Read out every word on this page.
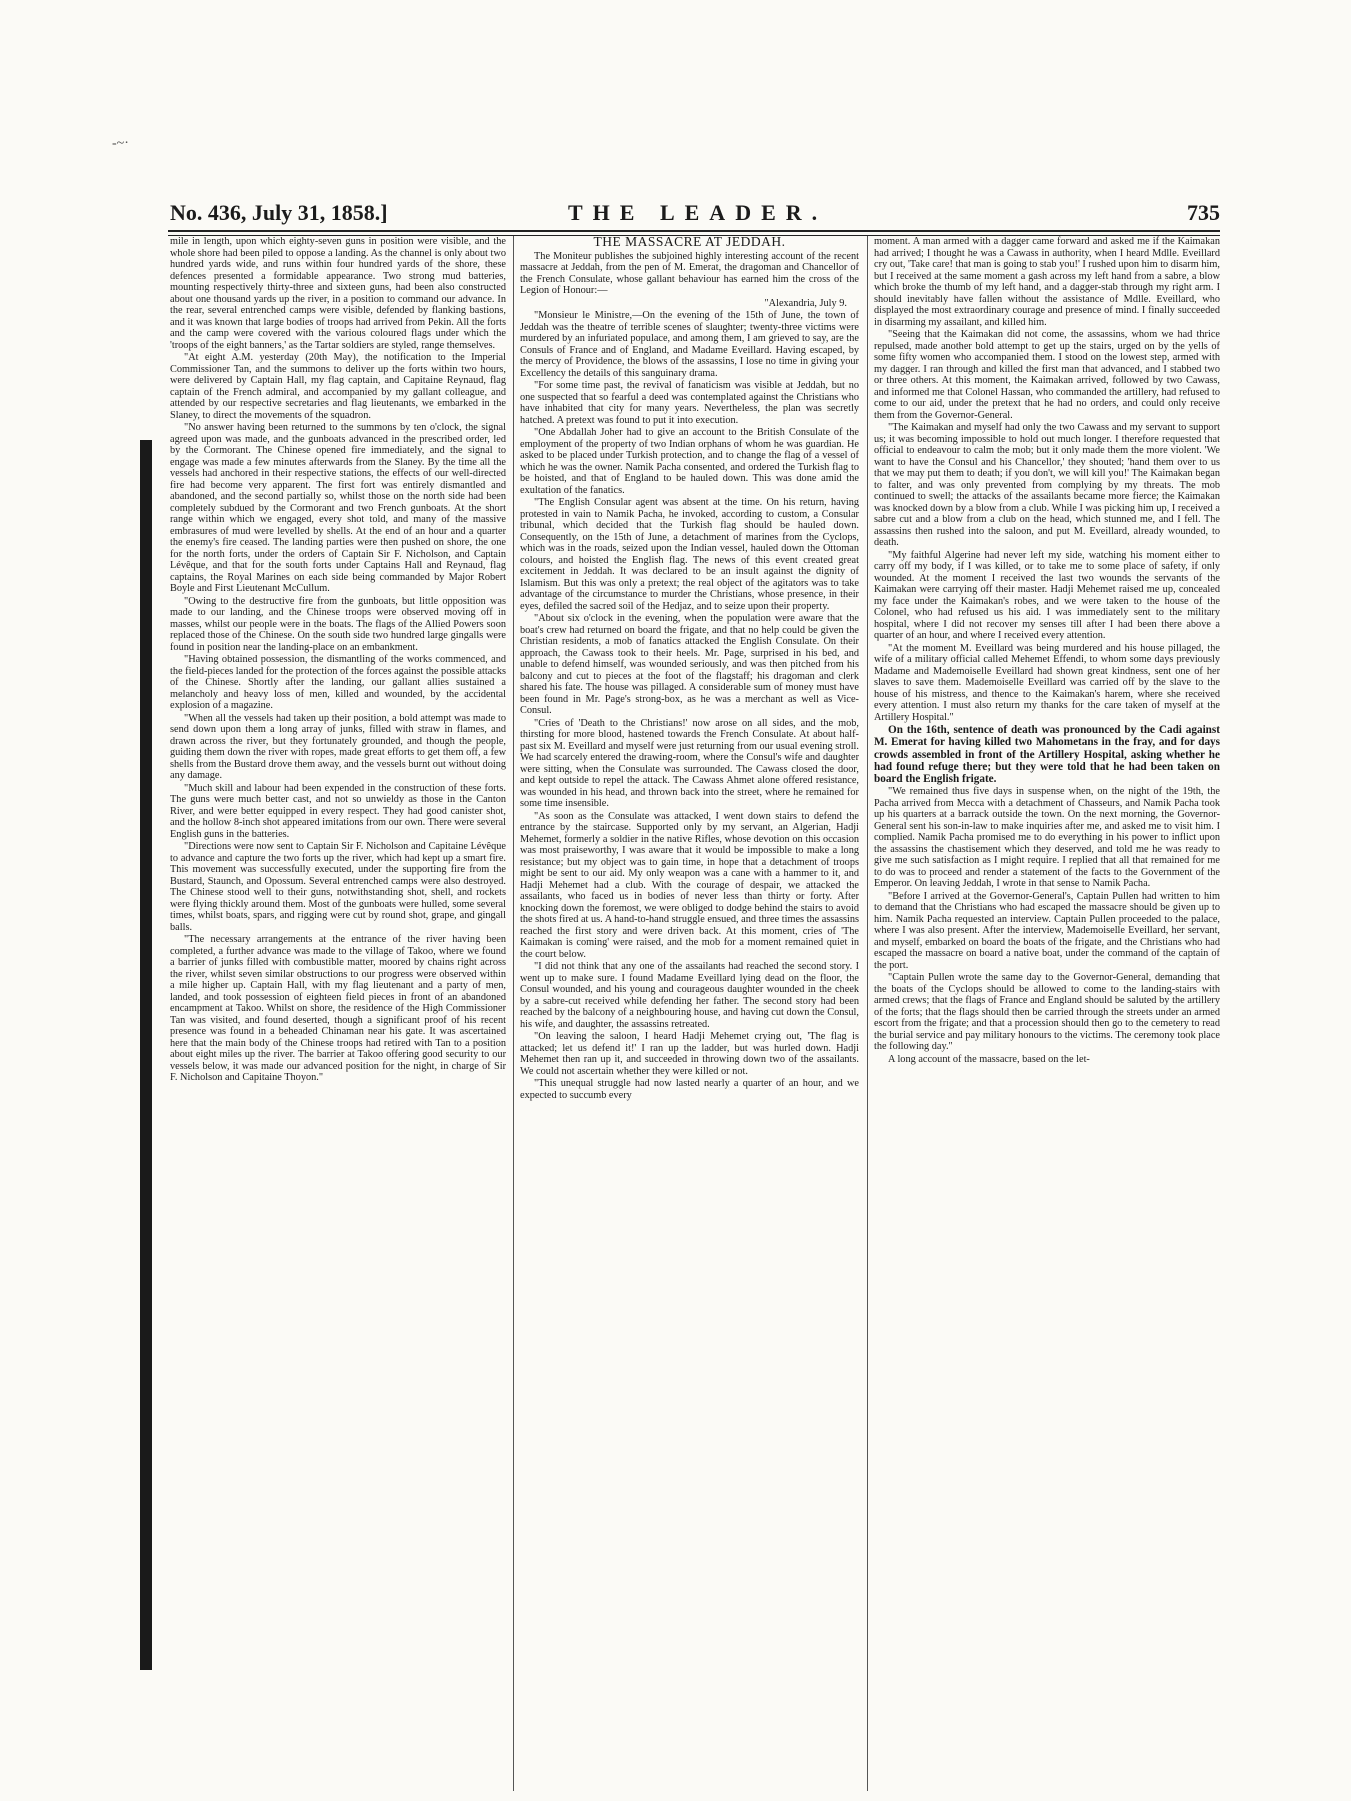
-~·
No. 436, July 31, 1858.]	THE LEADER.	735

mile in length, upon which eighty-seven guns in position were visible, and the whole shore had been piled to oppose a landing. As the channel is only about two hundred yards wide, and runs within four hundred yards of the shore, these defences presented a formidable appearance. Two strong mud batteries, mounting respectively thirty-three and sixteen guns, had been also constructed about one thousand yards up the river, in a position to command our advance. In the rear, several entrenched camps were visible, defended by flanking bastions, and it was known that large bodies of troops had arrived from Pekin. All the forts and the camp were covered with the various coloured flags under which the 'troops of the eight banners,' as the Tartar soldiers are styled, range themselves.

"At eight A.M. yesterday (20th May), the notification to the Imperial Commissioner Tan, and the summons to deliver up the forts within two hours, were delivered by Captain Hall, my flag captain, and Capitaine Reynaud, flag captain of the French admiral, and accompanied by my gallant colleague, and attended by our respective secretaries and flag lieutenants, we embarked in the Slaney, to direct the movements of the squadron.

"No answer having been returned to the summons by ten o'clock, the signal agreed upon was made, and the gunboats advanced in the prescribed order, led by the Cormorant. The Chinese opened fire immediately, and the signal to engage was made a few minutes afterwards from the Slaney. By the time all the vessels had anchored in their respective stations, the effects of our well-directed fire had become very apparent. The first fort was entirely dismantled and abandoned, and the second partially so, whilst those on the north side had been completely subdued by the Cormorant and two French gunboats. At the short range within which we engaged, every shot told, and many of the massive embrasures of mud were levelled by shells. At the end of an hour and a quarter the enemy's fire ceased. The landing parties were then pushed on shore, the one for the north forts, under the orders of Captain Sir F. Nicholson, and Captain Lévêque, and that for the south forts under Captains Hall and Reynaud, flag captains, the Royal Marines on each side being commanded by Major Robert Boyle and First Lieutenant McCullum.

"Owing to the destructive fire from the gunboats, but little opposition was made to our landing, and the Chinese troops were observed moving off in masses, whilst our people were in the boats. The flags of the Allied Powers soon replaced those of the Chinese. On the south side two hundred large gingalls were found in position near the landing-place on an embankment.

"Having obtained possession, the dismantling of the works commenced, and the field-pieces landed for the protection of the forces against the possible attacks of the Chinese. Shortly after the landing, our gallant allies sustained a melancholy and heavy loss of men, killed and wounded, by the accidental explosion of a magazine.

"When all the vessels had taken up their position, a bold attempt was made to send down upon them a long array of junks, filled with straw in flames, and drawn across the river, but they fortunately grounded, and though the people, guiding them down the river with ropes, made great efforts to get them off, a few shells from the Bustard drove them away, and the vessels burnt out without doing any damage.

"Much skill and labour had been expended in the construction of these forts. The guns were much better cast, and not so unwieldy as those in the Canton River, and were better equipped in every respect. They had good canister shot, and the hollow 8-inch shot appeared imitations from our own. There were several English guns in the batteries.

"Directions were now sent to Captain Sir F. Nicholson and Capitaine Lévêque to advance and capture the two forts up the river, which had kept up a smart fire. This movement was successfully executed, under the supporting fire from the Bustard, Staunch, and Opossum. Several entrenched camps were also destroyed. The Chinese stood well to their guns, notwithstanding shot, shell, and rockets were flying thickly around them. Most of the gunboats were hulled, some several times, whilst boats, spars, and rigging were cut by round shot, grape, and gingall balls.

"The necessary arrangements at the entrance of the river having been completed, a further advance was made to the village of Takoo, where we found a barrier of junks filled with combustible matter, moored by chains right across the river, whilst seven similar obstructions to our progress were observed within a mile higher up. Captain Hall, with my flag lieutenant and a party of men, landed, and took possession of eighteen field pieces in front of an abandoned encampment at Takoo. Whilst on shore, the residence of the High Commissioner Tan was visited, and found deserted, though a significant proof of his recent presence was found in a beheaded Chinaman near his gate. It was ascertained here that the main body of the Chinese troops had retired with Tan to a position about eight miles up the river. The barrier at Takoo offering good security to our vessels below, it was made our advanced position for the night, in charge of Sir F. Nicholson and Capitaine Thoyon."

THE MASSACRE AT JEDDAH.

The Moniteur publishes the subjoined highly interesting account of the recent massacre at Jeddah, from the pen of M. Emerat, the dragoman and Chancellor of the French Consulate, whose gallant behaviour has earned him the cross of the Legion of Honour:—

"Alexandria, July 9.

"Monsieur le Ministre,—On the evening of the 15th of June, the town of Jeddah was the theatre of terrible scenes of slaughter; twenty-three victims were murdered by an infuriated populace, and among them, I am grieved to say, are the Consuls of France and of England, and Madame Eveillard. Having escaped, by the mercy of Providence, the blows of the assassins, I lose no time in giving your Excellency the details of this sanguinary drama.

"For some time past, the revival of fanaticism was visible at Jeddah, but no one suspected that so fearful a deed was contemplated against the Christians who have inhabited that city for many years. Nevertheless, the plan was secretly hatched. A pretext was found to put it into execution.

"One Abdallah Joher had to give an account to the British Consulate of the employment of the property of two Indian orphans of whom he was guardian. He asked to be placed under Turkish protection, and to change the flag of a vessel of which he was the owner. Namik Pacha consented, and ordered the Turkish flag to be hoisted, and that of England to be hauled down. This was done amid the exultation of the fanatics.

"The English Consular agent was absent at the time. On his return, having protested in vain to Namik Pacha, he invoked, according to custom, a Consular tribunal, which decided that the Turkish flag should be hauled down. Consequently, on the 15th of June, a detachment of marines from the Cyclops, which was in the roads, seized upon the Indian vessel, hauled down the Ottoman colours, and hoisted the English flag. The news of this event created great excitement in Jeddah. It was declared to be an insult against the dignity of Islamism. But this was only a pretext; the real object of the agitators was to take advantage of the circumstance to murder the Christians, whose presence, in their eyes, defiled the sacred soil of the Hedjaz, and to seize upon their property.

"About six o'clock in the evening, when the population were aware that the boat's crew had returned on board the frigate, and that no help could be given the Christian residents, a mob of fanatics attacked the English Consulate. On their approach, the Cawass took to their heels. Mr. Page, surprised in his bed, and unable to defend himself, was wounded seriously, and was then pitched from his balcony and cut to pieces at the foot of the flagstaff; his dragoman and clerk shared his fate. The house was pillaged. A considerable sum of money must have been found in Mr. Page's strong-box, as he was a merchant as well as Vice-Consul.

"Cries of 'Death to the Christians!' now arose on all sides, and the mob, thirsting for more blood, hastened towards the French Consulate. At about half-past six M. Eveillard and myself were just returning from our usual evening stroll. We had scarcely entered the drawing-room, where the Consul's wife and daughter were sitting, when the Consulate was surrounded. The Cawass closed the door, and kept outside to repel the attack. The Cawass Ahmet alone offered resistance, was wounded in his head, and thrown back into the street, where he remained for some time insensible.

"As soon as the Consulate was attacked, I went down stairs to defend the entrance by the staircase. Supported only by my servant, an Algerian, Hadji Mehemet, formerly a soldier in the native Rifles, whose devotion on this occasion was most praiseworthy, I was aware that it would be impossible to make a long resistance; but my object was to gain time, in hope that a detachment of troops might be sent to our aid. My only weapon was a cane with a hammer to it, and Hadji Mehemet had a club. With the courage of despair, we attacked the assailants, who faced us in bodies of never less than thirty or forty. After knocking down the foremost, we were obliged to dodge behind the stairs to avoid the shots fired at us. A hand-to-hand struggle ensued, and three times the assassins reached the first story and were driven back. At this moment, cries of 'The Kaimakan is coming' were raised, and the mob for a moment remained quiet in the court below.

"I did not think that any one of the assailants had reached the second story. I went up to make sure. I found Madame Eveillard lying dead on the floor, the Consul wounded, and his young and courageous daughter wounded in the cheek by a sabre-cut received while defending her father. The second story had been reached by the balcony of a neighbouring house, and having cut down the Consul, his wife, and daughter, the assassins retreated.

"On leaving the saloon, I heard Hadji Mehemet crying out, 'The flag is attacked; let us defend it!' I ran up the ladder, but was hurled down. Hadji Mehemet then ran up it, and succeeded in throwing down two of the assailants. We could not ascertain whether they were killed or not.

"This unequal struggle had now lasted nearly a quarter of an hour, and we expected to succumb every

moment. A man armed with a dagger came forward and asked me if the Kaimakan had arrived; I thought he was a Cawass in authority, when I heard Mdlle. Eveillard cry out, 'Take care! that man is going to stab you!' I rushed upon him to disarm him, but I received at the same moment a gash across my left hand from a sabre, a blow which broke the thumb of my left hand, and a dagger-stab through my right arm. I should inevitably have fallen without the assistance of Mdlle. Eveillard, who displayed the most extraordinary courage and presence of mind. I finally succeeded in disarming my assailant, and killed him.

"Seeing that the Kaimakan did not come, the assassins, whom we had thrice repulsed, made another bold attempt to get up the stairs, urged on by the yells of some fifty women who accompanied them. I stood on the lowest step, armed with my dagger. I ran through and killed the first man that advanced, and I stabbed two or three others. At this moment, the Kaimakan arrived, followed by two Cawass, and informed me that Colonel Hassan, who commanded the artillery, had refused to come to our aid, under the pretext that he had no orders, and could only receive them from the Governor-General.

"The Kaimakan and myself had only the two Cawass and my servant to support us; it was becoming impossible to hold out much longer. I therefore requested that official to endeavour to calm the mob; but it only made them the more violent. 'We want to have the Consul and his Chancellor,' they shouted; 'hand them over to us that we may put them to death; if you don't, we will kill you!' The Kaimakan began to falter, and was only prevented from complying by my threats. The mob continued to swell; the attacks of the assailants became more fierce; the Kaimakan was knocked down by a blow from a club. While I was picking him up, I received a sabre cut and a blow from a club on the head, which stunned me, and I fell. The assassins then rushed into the saloon, and put M. Eveillard, already wounded, to death.

"My faithful Algerine had never left my side, watching his moment either to carry off my body, if I was killed, or to take me to some place of safety, if only wounded. At the moment I received the last two wounds the servants of the Kaimakan were carrying off their master. Hadji Mehemet raised me up, concealed my face under the Kaimakan's robes, and we were taken to the house of the Colonel, who had refused us his aid. I was immediately sent to the military hospital, where I did not recover my senses till after I had been there above a quarter of an hour, and where I received every attention.

"At the moment M. Eveillard was being murdered and his house pillaged, the wife of a military official called Mehemet Effendi, to whom some days previously Madame and Mademoiselle Eveillard had shown great kindness, sent one of her slaves to save them. Mademoiselle Eveillard was carried off by the slave to the house of his mistress, and thence to the Kaimakan's harem, where she received every attention. I must also return my thanks for the care taken of myself at the Artillery Hospital."

On the 16th, sentence of death was pronounced by the Cadi against M. Emerat for having killed two Mahometans in the fray, and for days crowds assembled in front of the Artillery Hospital, asking whether he had found refuge there; but they were told that he had been taken on board the English frigate.

"We remained thus five days in suspense when, on the night of the 19th, the Pacha arrived from Mecca with a detachment of Chasseurs, and Namik Pacha took up his quarters at a barrack outside the town. On the next morning, the Governor-General sent his son-in-law to make inquiries after me, and asked me to visit him. I complied. Namik Pacha promised me to do everything in his power to inflict upon the assassins the chastisement which they deserved, and told me he was ready to give me such satisfaction as I might require. I replied that all that remained for me to do was to proceed and render a statement of the facts to the Government of the Emperor. On leaving Jeddah, I wrote in that sense to Namik Pacha.

"Before I arrived at the Governor-General's, Captain Pullen had written to him to demand that the Christians who had escaped the massacre should be given up to him. Namik Pacha requested an interview. Captain Pullen proceeded to the palace, where I was also present. After the interview, Mademoiselle Eveillard, her servant, and myself, embarked on board the boats of the frigate, and the Christians who had escaped the massacre on board a native boat, under the command of the captain of the port.

"Captain Pullen wrote the same day to the Governor-General, demanding that the boats of the Cyclops should be allowed to come to the landing-stairs with armed crews; that the flags of France and England should be saluted by the artillery of the forts; that the flags should then be carried through the streets under an armed escort from the frigate; and that a procession should then go to the cemetery to read the burial service and pay military honours to the victims. The ceremony took place the following day."

A long account of the massacre, based on the let-
